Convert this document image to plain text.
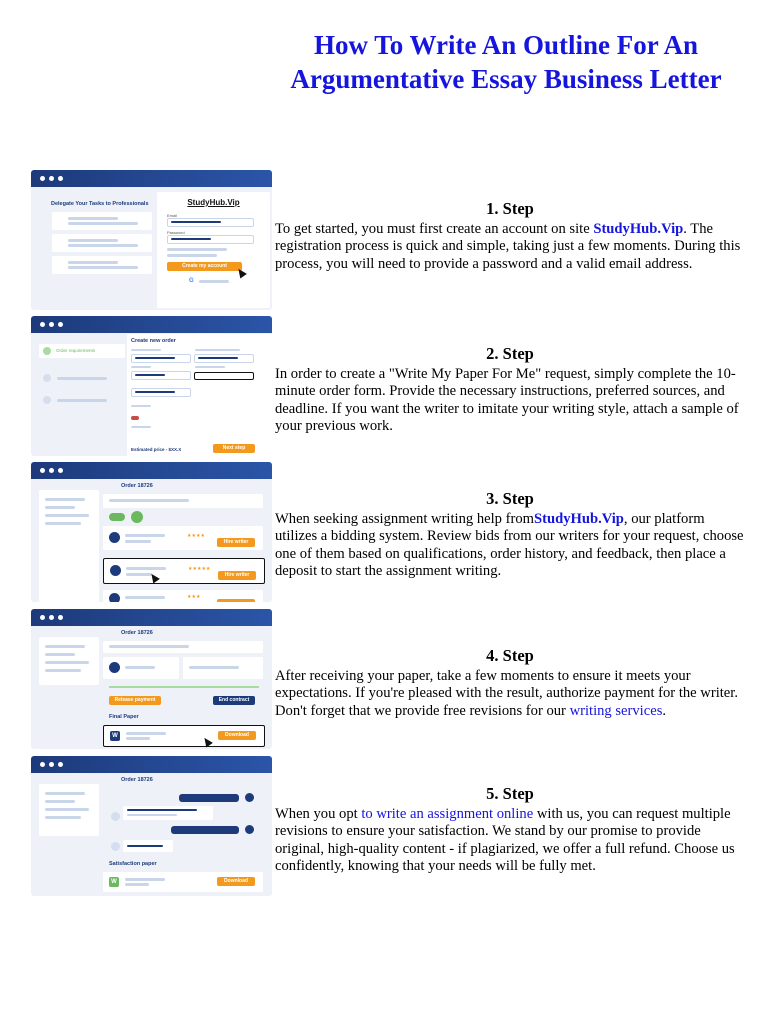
How To Write An Outline For An Argumentative Essay Business Letter
Delegate Your Tasks to Professionals	StudyHub.Vip
Email
Password
Create my account
G
1. Step

To get started, you must first create an account on site StudyHub.Vip. The registration process is quick and simple, taking just a few moments. During this process, you will need to provide a password and a valid email address.

Order requirements
Create new order
Estimated price - $XX.X	Next step
2. Step

In order to create a "Write My Paper For Me" request, simply complete the 10-minute order form. Provide the necessary instructions, preferred sources, and deadline. If you want the writer to imitate your writing style, attach a sample of your previous work.

Order 18726
★★★★
Hire writer
★★★★★
Hire writer
★★★
3. Step

When seeking assignment writing help fromStudyHub.Vip, our platform utilizes a bidding system. Review bids from our writers for your request, choose one of them based on qualifications, order history, and feedback, then place a deposit to start the assignment writing.

Order 18726
Release payment	End contract
Final Paper
W	Download
4. Step

After receiving your paper, take a few moments to ensure it meets your expectations. If you're pleased with the result, authorize payment for the writer. Don't forget that we provide free revisions for our writing services.

Order 18726
Satisfaction paper
W	Download
5. Step

When you opt to write an assignment online with us, you can request multiple revisions to ensure your satisfaction. We stand by our promise to provide original, high-quality content - if plagiarized, we offer a full refund. Choose us confidently, knowing that your needs will be fully met.
